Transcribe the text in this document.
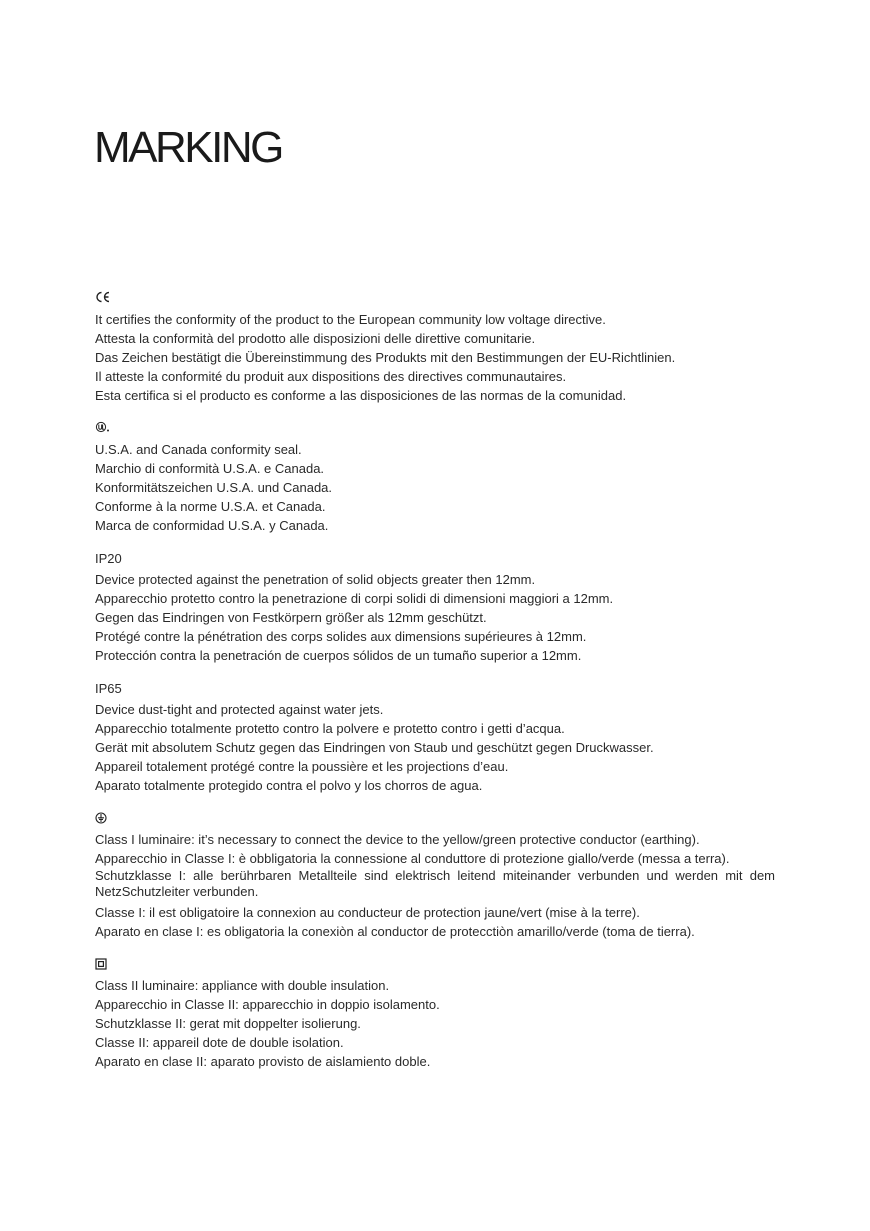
MARKING

It certifies the conformity of the product to the European community low voltage directive.

Attesta la conformità del prodotto alle disposizioni delle direttive comunitarie.

Das Zeichen bestätigt die Übereinstimmung des Produkts mit den Bestimmungen der EU-Richtlinien.

Il atteste la conformité du produit aux dispositions des directives communautaires.

Esta certifica si el producto es conforme a las disposiciones de las normas de la comunidad.

U.S.A. and Canada conformity seal.

Marchio di conformità U.S.A. e Canada.

Konformitätszeichen U.S.A. und Canada.

Conforme à la norme U.S.A. et Canada.

Marca de conformidad U.S.A. y Canada.

IP20

Device protected against the penetration of solid objects greater then 12mm.

Apparecchio protetto contro la penetrazione di corpi solidi di dimensioni maggiori a 12mm.

Gegen das Eindringen von Festkörpern größer als 12mm geschützt.

Protégé contre la pénétration des corps solides aux dimensions supérieures à 12mm.

Protección contra la penetración de cuerpos sólidos de un tumaño superior a 12mm.

IP65

Device dust-tight and protected against water jets.

Apparecchio totalmente protetto contro la polvere e protetto contro i getti d’acqua.

Gerät mit absolutem Schutz gegen das Eindringen von Staub und geschützt gegen Druckwasser.

Appareil totalement protégé contre la poussière et les projections d’eau.

Aparato totalmente protegido contra el polvo y los chorros de agua.

Class I luminaire: it’s necessary to connect the device to the yellow/green protective conductor (earthing).

Apparecchio in Classe I: è obbligatoria la connessione al conduttore di protezione giallo/verde (messa a terra).

Schutzklasse I: alle berührbaren Metallteile sind elektrisch leitend miteinander verbunden und werden mit dem NetzSchutzleiter verbunden.

Classe I: il est obligatoire la connexion au conducteur de protection jaune/vert (mise à la terre).

Aparato en clase I: es obligatoria la conexiòn al conductor de protecctiòn amarillo/verde (toma de tierra).

Class II luminaire: appliance with double insulation.

Apparecchio in Classe II: apparecchio in doppio isolamento.

Schutzklasse II: gerat mit doppelter isolierung.

Classe II: appareil dote de double isolation.

Aparato en clase II: aparato provisto de aislamiento doble.
